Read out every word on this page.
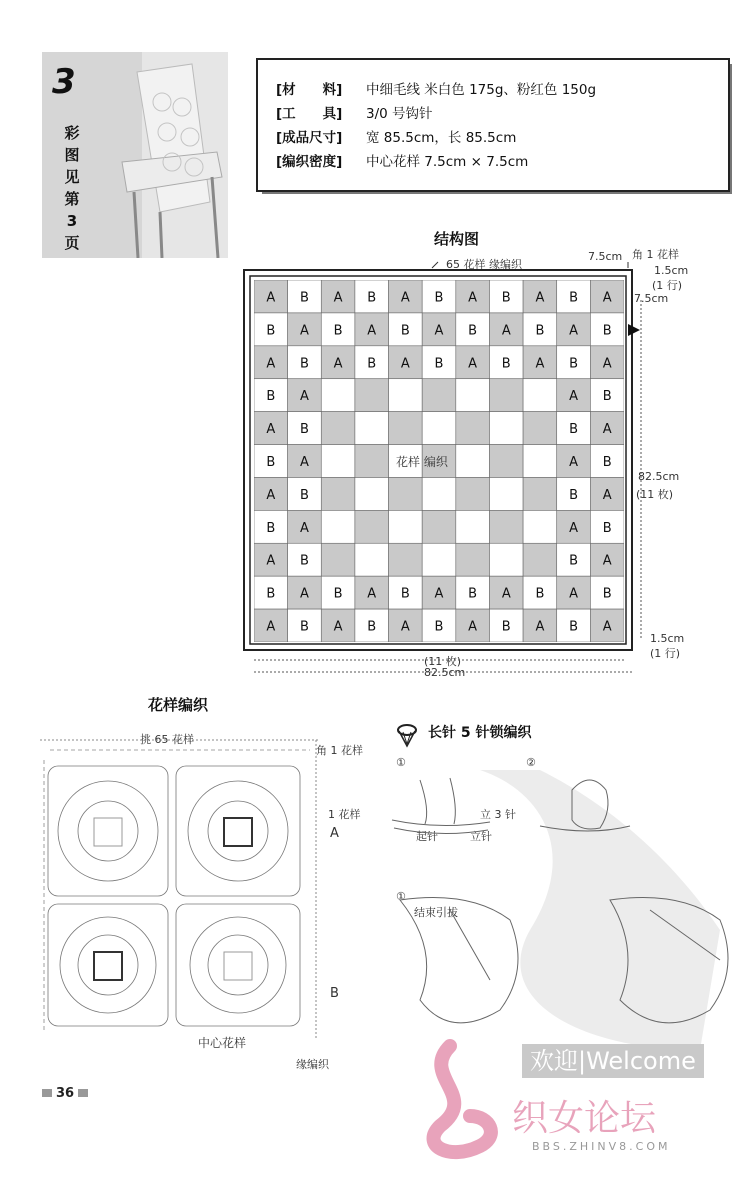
3
彩
图
见
第
3
页
[材　　料] 中细毛线 米白色 175g、粉红色 150g
[工　　具] 3/0 号钩针
[成品尺寸] 宽 85.5cm，长 85.5cm
[编织密度] 中心花样 7.5cm × 7.5cm
结构图
65 花样 缘编织
角 1 花样
7.5cm
1.5cm
(1 行)
7.5cm
82.5cm
(11 枚)
1.5cm
(1 行)
(11 枚)
82.5cm
A B A B A B A B A B A
B A B A B A B A B A B
A B A B A B A B A B A
B A	A B
A B	B A
B A	A B
A B	B A
B A	A B
A B	B A
B A B A B A B A B A B
A B A B A B A B A B A
花样 编织
花样编织
挑 65 花样
角 1 花样
1 花样
A
B
中心花样
缘编织
长针 5 针锁编织
①	②
起针	立针
立 3 针
①
结束引拔
36
欢迎|Welcome
织女论坛
BBS.ZHINV8.COM
